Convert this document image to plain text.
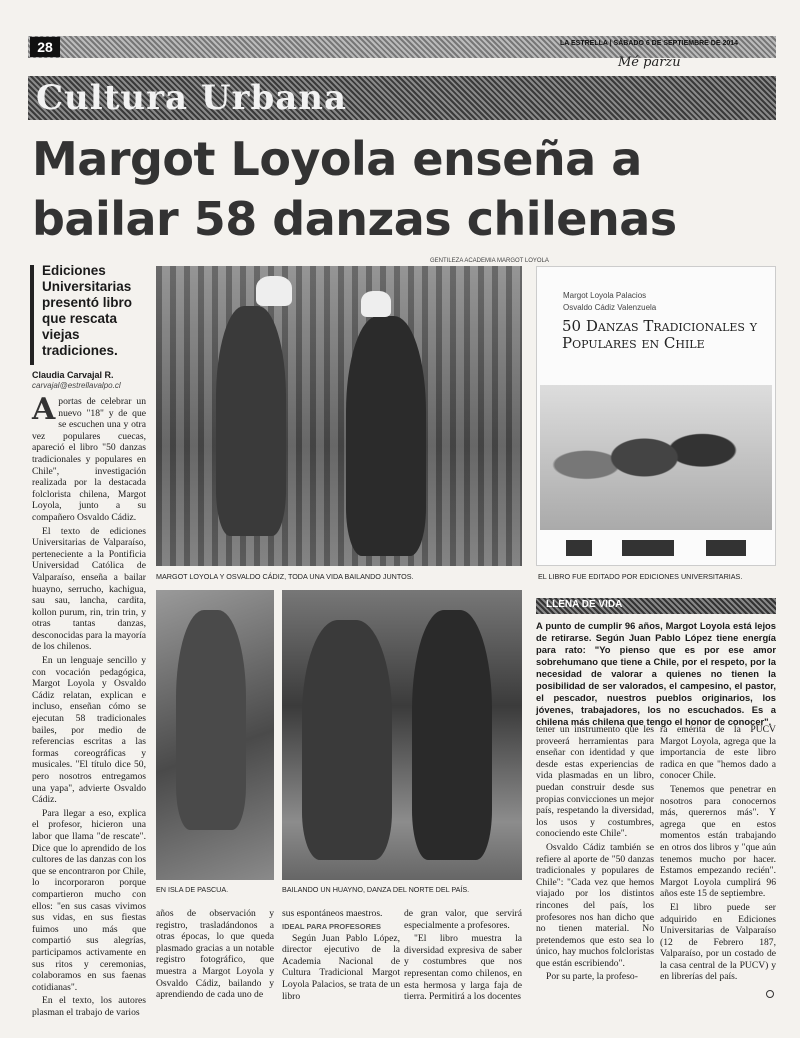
28	LA ESTRELLA | SÁBADO 6 DE SEPTIEMBRE DE 2014
Mé parzu
Cultura Urbana
Margot Loyola enseña a
bailar 58 danzas chilenas
Ediciones Universitarias presentó libro que rescata viejas tradiciones.
Claudia Carvajal R.
carvajal@estrellavalpo.cl

Aportas de celebrar un nuevo "18" y de que se escuchen una y otra vez populares cuecas, apareció el libro "50 danzas tradicionales y populares en Chile", investigación realizada por la destacada folclorista chilena, Margot Loyola, junto a su compañero Osvaldo Cádiz.

El texto de ediciones Universitarias de Valparaíso, perteneciente a la Pontificia Universidad Católica de Valparaíso, enseña a bailar huayno, serrucho, kachigua, sau sau, lancha, cardita, kollon purum, rin, trin trin, y otras tantas danzas, desconocidas para la mayoría de los chilenos.

En un lenguaje sencillo y con vocación pedagógica, Margot Loyola y Osvaldo Cádiz relatan, explican e incluso, enseñan cómo se ejecutan 58 tradicionales bailes, por medio de referencias escritas a las formas coreográficas y musicales. "El título dice 50, pero nosotros entregamos una yapa", advierte Osvaldo Cádiz.

Para llegar a eso, explica el profesor, hicieron una labor que llama "de rescate". Dice que lo aprendido de los cultores de las danzas con los que se encontraron por Chile, lo incorporaron porque compartieron mucho con ellos: "en sus casas vivimos sus vidas, en sus fiestas fuimos uno más que compartió sus alegrías, participamos activamente en sus ritos y ceremonias, colaboramos en sus faenas cotidianas".

En el texto, los autores plasman el trabajo de varios

GENTILEZA ACADEMIA MARGOT LOYOLA
MARGOT LOYOLA Y OSVALDO CÁDIZ, TODA UNA VIDA BAILANDO JUNTOS.
Margot Loyola Palacios
Osvaldo Cádiz Valenzuela
50 Danzas Tradicionales y Populares en Chile
EL LIBRO FUE EDITADO POR EDICIONES UNIVERSITARIAS.
EN ISLA DE PASCUA.	BAILANDO UN HUAYNO, DANZA DEL NORTE DEL PAÍS.
LLENA DE VIDA
A punto de cumplir 96 años, Margot Loyola está lejos de retirarse. Según Juan Pablo López tiene energía para rato: "Yo pienso que es por ese amor sobrehumano que tiene a Chile, por el respeto, por la necesidad de valorar a quienes no tienen la posibilidad de ser valorados, el campesino, el pastor, el pescador, nuestros pueblos originarios, los jóvenes, trabajadores, los no escuchados. Es a chilena más chilena que tengo el honor de conocer".

años de observación y registro, trasladándonos a otras épocas, lo que queda plasmado gracias a un notable registro fotográfico, que muestra a Margot Loyola y Osvaldo Cádiz, bailando y aprendiendo de cada uno de

sus espontáneos maestros.

IDEAL PARA PROFESORES

Según Juan Pablo López, director ejecutivo de la Academia Nacional de Cultura Tradicional Margot Loyola Palacios, se trata de un libro

de gran valor, que servirá especialmente a profesores.

"El libro muestra la diversidad expresiva de saber y costumbres que nos representan como chilenos, en esta hermosa y larga faja de tierra. Permitirá a los docentes

tener un instrumento que les proveerá herramientas para enseñar con identidad y que desde estas experiencias de vida plasmadas en un libro, puedan construir desde sus propias convicciones un mejor país, respetando la diversidad, los usos y costumbres, conociendo este Chile".

Osvaldo Cádiz también se refiere al aporte de "50 danzas tradicionales y populares de Chile": "Cada vez que hemos viajado por los distintos rincones del país, los profesores nos han dicho que no tienen material. No pretendemos que esto sea lo único, hay muchos folcloristas que están escribiendo".

Por su parte, la profeso-

ra emérita de la PUCV Margot Loyola, agrega que la importancia de este libro radica en que "hemos dado a conocer Chile.

Tenemos que penetrar en nosotros para conocernos más, querernos más". Y agrega que en estos momentos están trabajando en otros dos libros y "que aún tenemos mucho por hacer. Estamos empezando recién". Margot Loyola cumplirá 96 años este 15 de septiembre.

El libro puede ser adquirido en Ediciones Universitarias de Valparaíso (12 de Febrero 187, Valparaíso, por un costado de la casa central de la PUCV) y en librerías del país.
